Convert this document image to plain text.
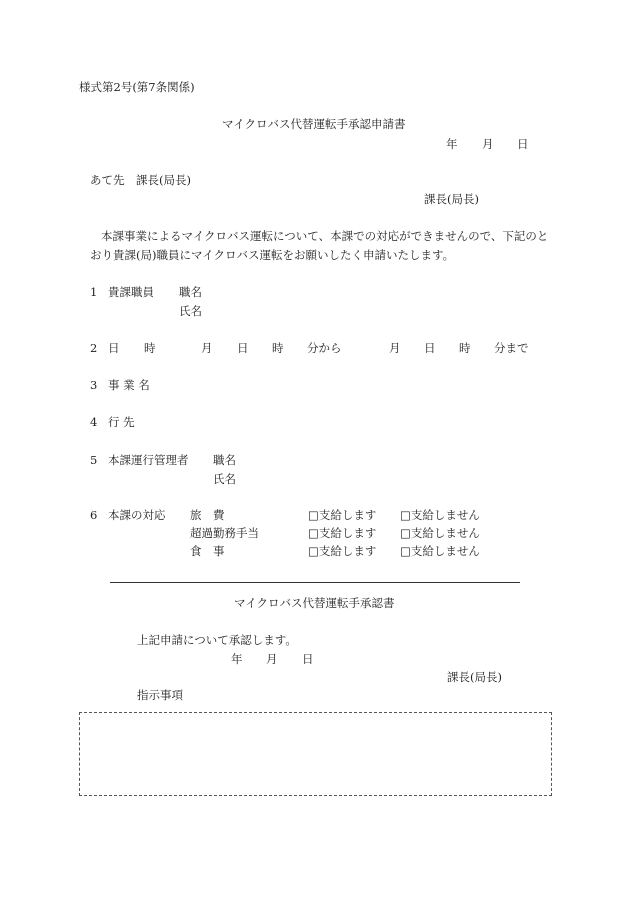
様式第2号(第7条関係)
マイクロバス代替運転手承認申請書
年 月 日
あて先　課長(局長)
課長(局長)
本課事業によるマイクロバス運転について、本課での対応ができませんので、下記のと
おり貴課(局)職員にマイクロバス運転をお願いしたく申請いたします。
1 貴課職員 職名
氏名
2 日 時	月 日 時 分から	月 日 時 分まで
3 事 業 名
4 行 先
5 本課運行管理者 職名
氏名
6 本課の対応 旅　費	□支給します □支給しません
超過勤務手当	□支給します □支給しません
食　事	□支給します □支給しません
マイクロバス代替運転手承認書
上記申請について承認します。
年 月 日
課長(局長)
指示事項
